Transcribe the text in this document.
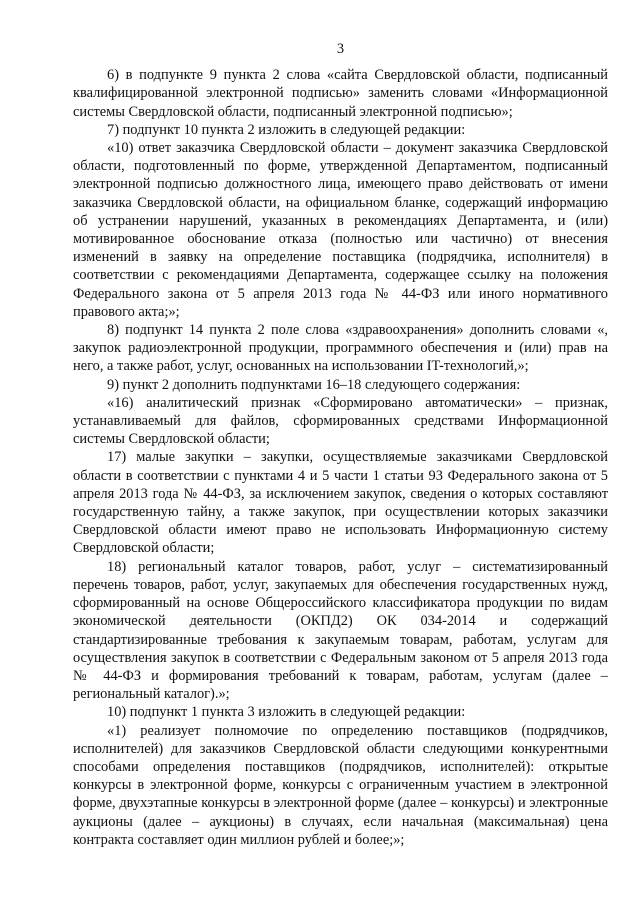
3

6) в подпункте 9 пункта 2 слова «сайта Свердловской области, подписанный квалифицированной электронной подписью» заменить словами «Информационной системы Свердловской области, подписанный электронной подписью»;

7) подпункт 10 пункта 2 изложить в следующей редакции:

«10) ответ заказчика Свердловской области – документ заказчика Свердловской области, подготовленный по форме, утвержденной Департаментом, подписанный электронной подписью должностного лица, имеющего право действовать от имени заказчика Свердловской области, на официальном бланке, содержащий информацию об устранении нарушений, указанных в рекомендациях Департамента, и (или) мотивированное обоснование отказа (полностью или частично) от внесения изменений в заявку на определение поставщика (подрядчика, исполнителя) в соответствии с рекомендациями Департамента, содержащее ссылку на положения Федерального закона от 5 апреля 2013 года № 44-ФЗ или иного нормативного правового акта;»;

8) подпункт 14 пункта 2 поле слова «здравоохранения» дополнить словами «, закупок радиоэлектронной продукции, программного обеспечения и (или) прав на него, а также работ, услуг, основанных на использовании IT-технологий,»;

9) пункт 2 дополнить подпунктами 16–18 следующего содержания:

«16) аналитический признак «Сформировано автоматически» – признак, устанавливаемый для файлов, сформированных средствами Информационной системы Свердловской области;

17) малые закупки – закупки, осуществляемые заказчиками Свердловской области в соответствии с пунктами 4 и 5 части 1 статьи 93 Федерального закона от 5 апреля 2013 года № 44-ФЗ, за исключением закупок, сведения о которых составляют государственную тайну, а также закупок, при осуществлении которых заказчики Свердловской области имеют право не использовать Информационную систему Свердловской области;

18) региональный каталог товаров, работ, услуг – систематизированный перечень товаров, работ, услуг, закупаемых для обеспечения государственных нужд, сформированный на основе Общероссийского классификатора продукции по видам экономической деятельности (ОКПД2) ОК 034-2014 и содержащий стандартизированные требования к закупаемым товарам, работам, услугам для осуществления закупок в соответствии с Федеральным законом от 5 апреля 2013 года № 44-ФЗ и формирования требований к товарам, работам, услугам (далее – региональный каталог).»;

10) подпункт 1 пункта 3 изложить в следующей редакции:

«1) реализует полномочие по определению поставщиков (подрядчиков, исполнителей) для заказчиков Свердловской области следующими конкурентными способами определения поставщиков (подрядчиков, исполнителей): открытые конкурсы в электронной форме, конкурсы с ограниченным участием в электронной форме, двухэтапные конкурсы в электронной форме (далее – конкурсы) и электронные аукционы (далее – аукционы) в случаях, если начальная (максимальная) цена контракта составляет один миллион рублей и более;»;
